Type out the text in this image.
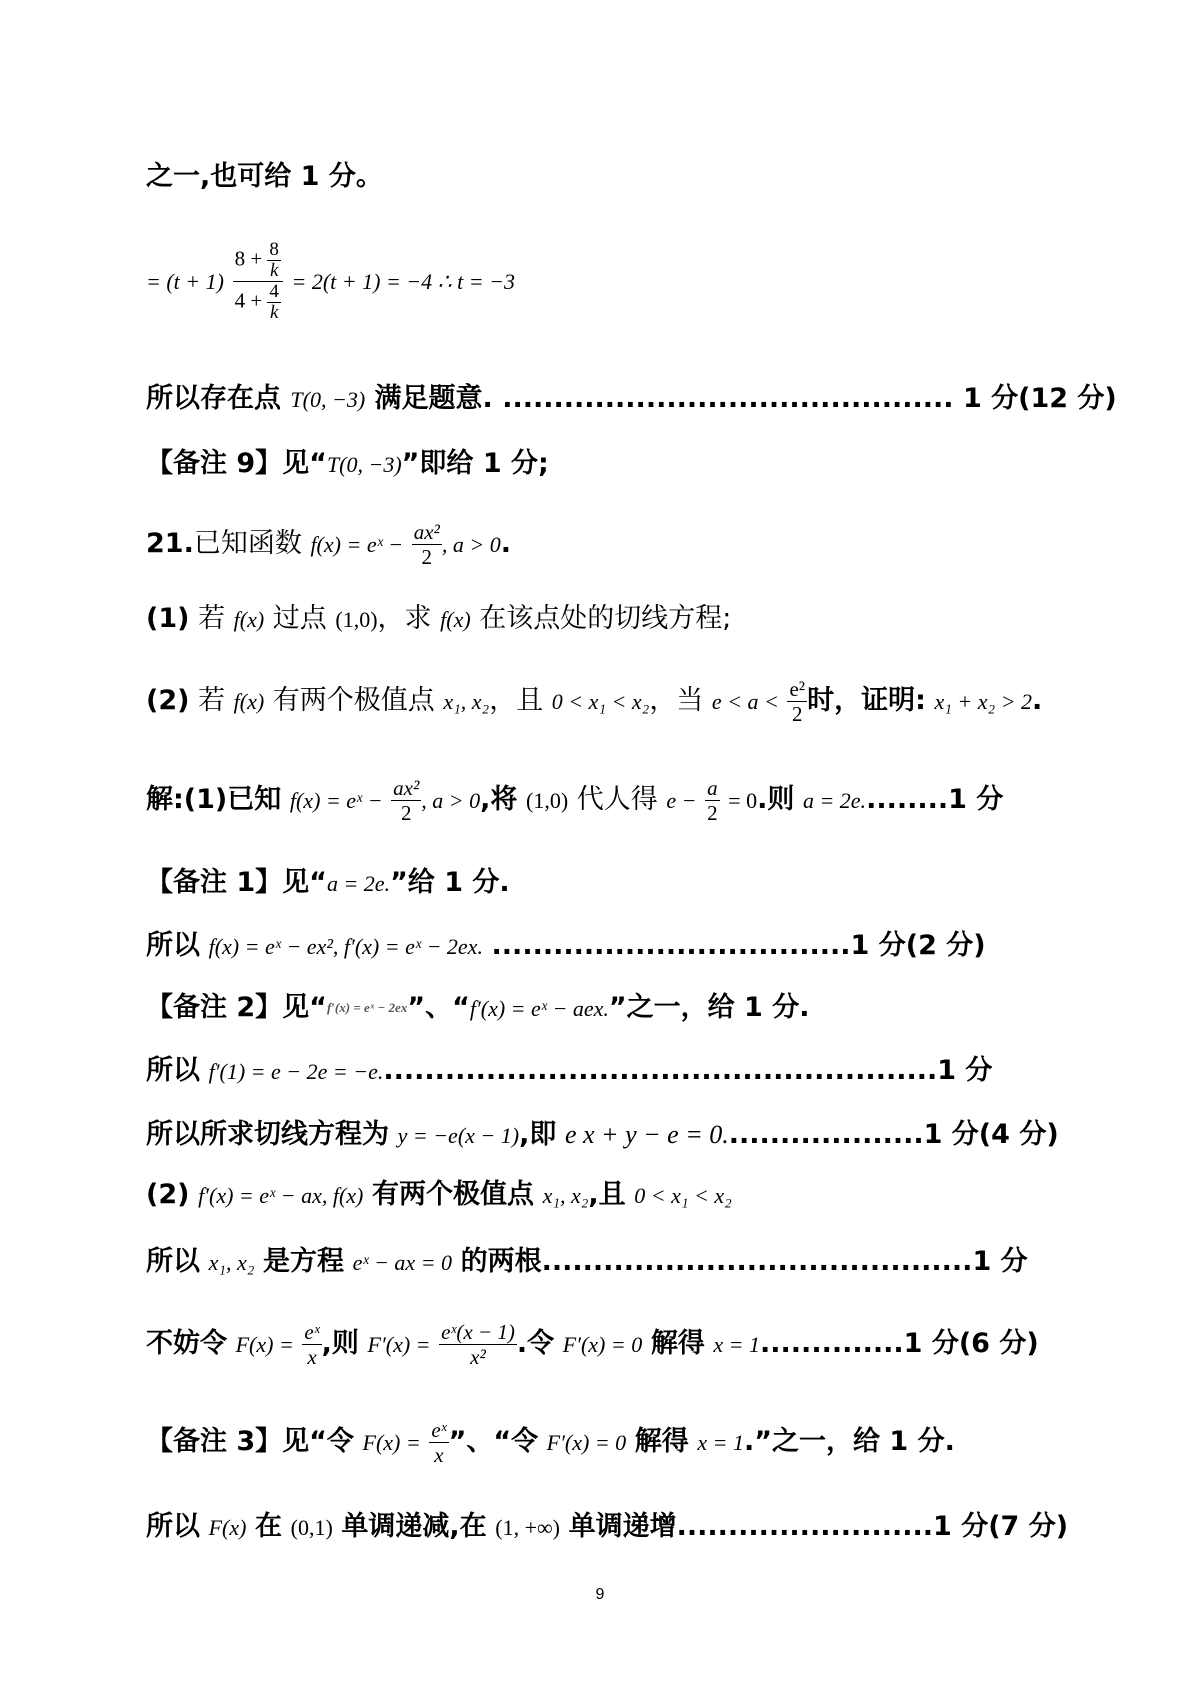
之一,也可给 1 分。
= $(t + 1) \frac{8 + \frac{8}{k}}{4 + \frac{4}{k}} = 2(t + 1) = -4$ ∴ t = −3
所以存在点 T(0, −3) 满足题意. ............................................ 1 分(12 分)
【备注 9】见“T(0, −3)”即给 1 分;
21.已知函数 f(x) = eˣ − $\frac{\text{ax²}}{2}$ , a > 0.
(1) 若 f(x) 过点 (1,0)，求 f(x) 在该点处的切线方程;
(2) 若 f(x) 有两个极值点 x₁, x₂，且 0 < x₁ < x₂，当 $e < a < \frac{\text{e²}}{2}$ 时，证明: x₁ + x₂ > 2.
解:(1)已知 f(x) = eˣ − $\frac{\text{ax²}}{2}$ , a > 0,将 (1,0) 代人得 $e - \frac{a}{2} = 0$.则 a = 2e.........1 分
【备注 1】见“a = 2e.”给 1 分.
所以 f(x) = eˣ − ex², f′(x) = eˣ − 2ex. ...................................1 分(2 分)
【备注 2】见“$^{f'(x) = eˣ - 2ex}$”、“f′(x) = eˣ − aex.”之一，给 1 分.
所以 f′(1) = e − 2e = −e.......................................................1 分
所以所求切线方程为 y = −e(x − 1),即 e x + y − e = 0....................1 分(4 分)
(2) f′(x) = eˣ − ax, f(x) 有两个极值点 x₁, x₂,且 0 < x₁ < x₂
所以 x₁, x₂ 是方程 eˣ − ax = 0 的两根..........................................1 分
不妨令 $F(x) = \frac{\text{eˣ}}{x}$ ,则 $F'(x) = \frac{\text{eˣ(x − 1)}}{\text{x²}}$ .令 F′(x) = 0 解得 x = 1..............1 分(6 分)
【备注 3】见“令 $F(x) = \frac{\text{eˣ}}{x}$ ”、“令 F′(x) = 0 解得 x = 1.”之一，给 1 分.
所以 F(x) 在 (0,1) 单调递减,在 (1, +∞) 单调递增.........................1 分(7 分)
9
